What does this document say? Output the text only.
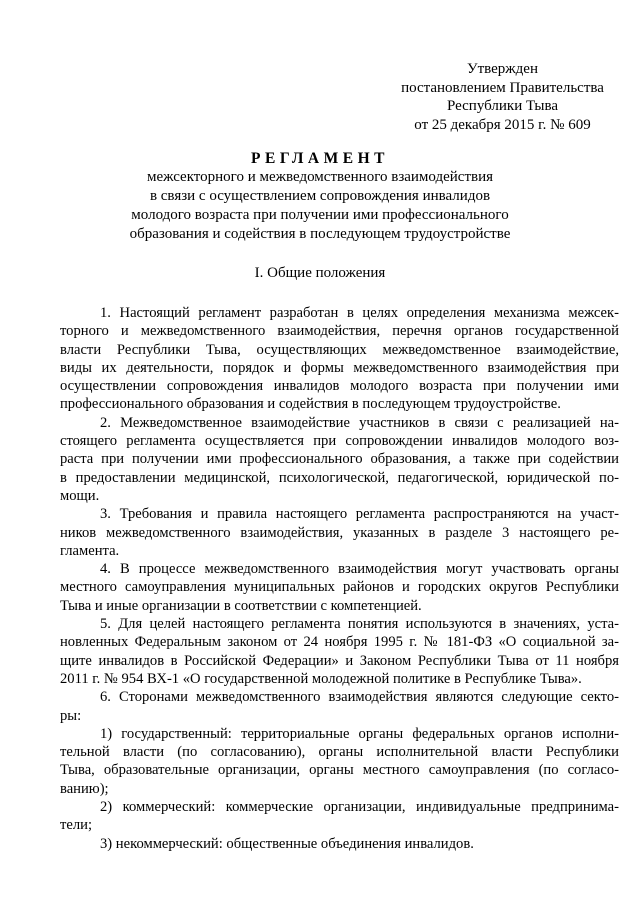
Утвержден
постановлением Правительства
Республики Тыва
от 25 декабря 2015 г. № 609
РЕГЛАМЕНТ
межсекторного и межведомственного взаимодействия
в связи с осуществлением сопровождения инвалидов
молодого возраста при получении ими профессионального
образования и содействия в последующем трудоустройстве
I. Общие положения
1. Настоящий регламент разработан в целях определения механизма межсек-
торного и межведомственного взаимодействия, перечня органов государственной
власти Республики Тыва, осуществляющих межведомственное взаимодействие,
виды их деятельности, порядок и формы межведомственного взаимодействия при
осуществлении сопровождения инвалидов молодого возраста при получении ими
профессионального образования и содействия в последующем трудоустройстве.
2. Межведомственное взаимодействие участников в связи с реализацией на-
стоящего регламента осуществляется при сопровождении инвалидов молодого воз-
раста при получении ими профессионального образования, а также при содействии
в предоставлении медицинской, психологической, педагогической, юридической по-
мощи.
3. Требования и правила настоящего регламента распространяются на участ-
ников межведомственного взаимодействия, указанных в разделе 3 настоящего ре-
гламента.
4. В процессе межведомственного взаимодействия могут участвовать органы
местного самоуправления муниципальных районов и городских округов Республики
Тыва и иные организации в соответствии с компетенцией.
5. Для целей настоящего регламента понятия используются в значениях, уста-
новленных Федеральным законом от 24 ноября 1995 г. № 181-ФЗ «О социальной за-
щите инвалидов в Российской Федерации» и Законом Республики Тыва от 11 ноября
2011 г. № 954 ВХ-1 «О государственной молодежной политике в Республике Тыва».
6. Сторонами межведомственного взаимодействия являются следующие секто-
ры:
1) государственный: территориальные органы федеральных органов исполни-
тельной власти (по согласованию), органы исполнительной власти Республики
Тыва, образовательные организации, органы местного самоуправления (по согласо-
ванию);
2) коммерческий: коммерческие организации, индивидуальные предпринима-
тели;
3) некоммерческий: общественные объединения инвалидов.
